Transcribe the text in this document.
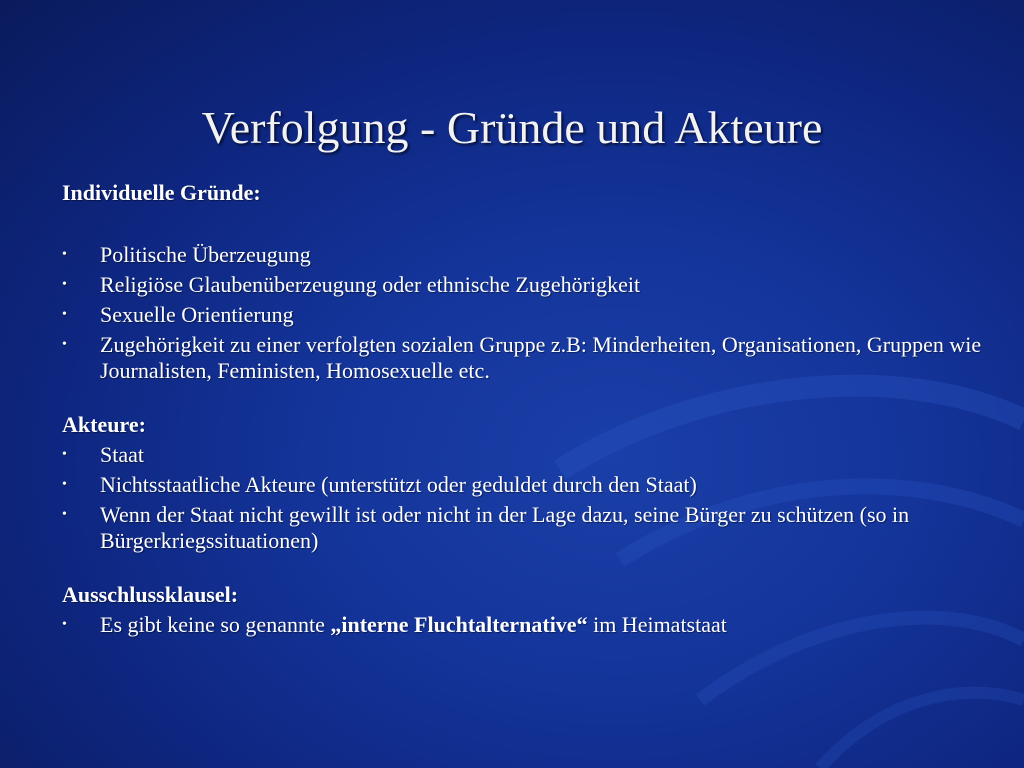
Verfolgung - Gründe und Akteure

Individuelle Gründe:

• Politische Überzeugung
• Religiöse Glaubenüberzeugung oder ethnische Zugehörigkeit
• Sexuelle Orientierung
• Zugehörigkeit zu einer verfolgten sozialen Gruppe z.B: Minderheiten, Organisationen, Gruppen wie Journalisten, Feministen, Homosexuelle etc.

Akteure:

• Staat
• Nichtsstaatliche Akteure (unterstützt oder geduldet durch den Staat)
• Wenn der Staat nicht gewillt ist oder nicht in der Lage dazu, seine Bürger zu schützen (so in Bürgerkriegssituationen)

Ausschlussklausel:

• Es gibt keine so genannte „interne Fluchtalternative“ im Heimatstaat
